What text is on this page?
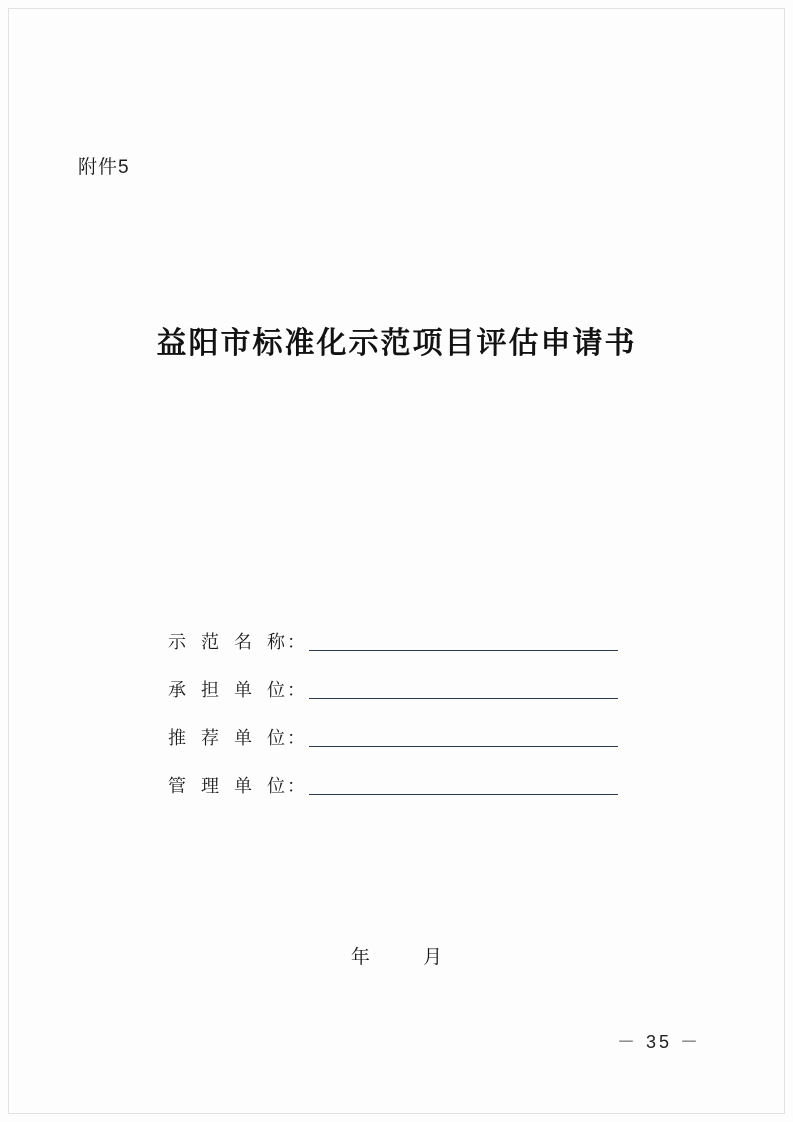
附件5
益阳市标准化示范项目评估申请书
示 范 名 称
：
承 担 单 位
：
推 荐 单 位
：
管 理 单 位
：
年	月
－ 35 －
